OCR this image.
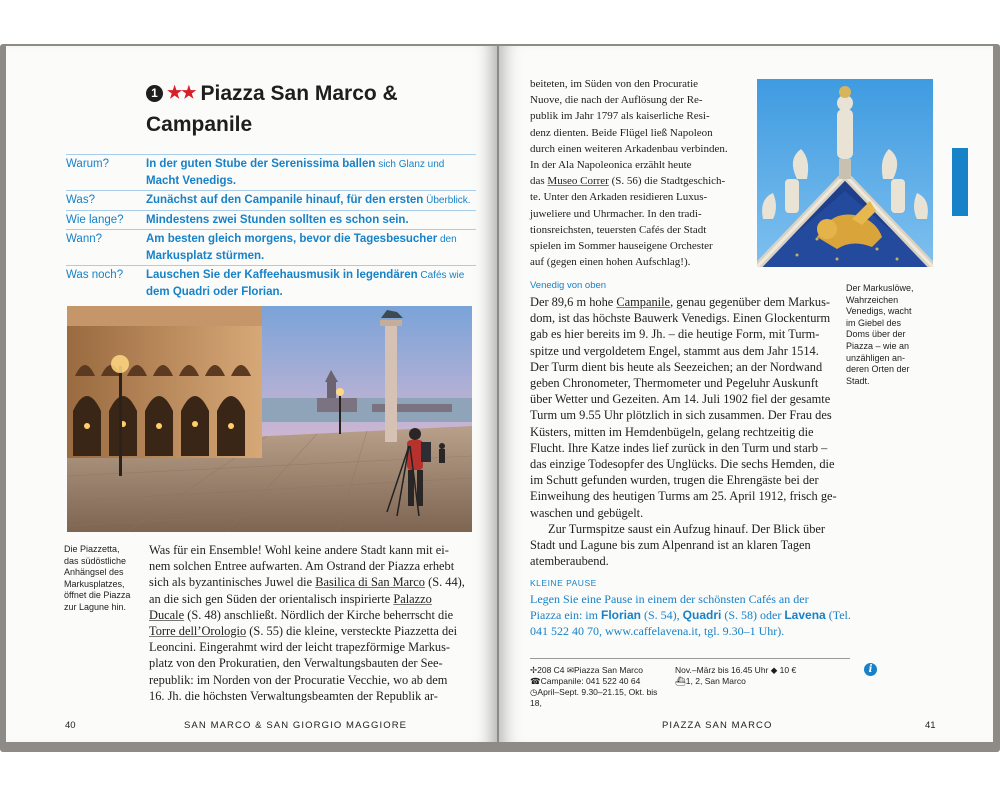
1 ★★ Piazza San Marco &
Campanile
Warum?	In der guten Stube der Serenissima ballen sich Glanz und
Macht Venedigs.
Was?	Zunächst auf den Campanile hinauf, für den ersten Überblick.
Wie lange?	Mindestens zwei Stunden sollten es schon sein.
Wann?	Am besten gleich morgens, bevor die Tagesbesucher den
Markusplatz stürmen.
Was noch?	Lauschen Sie der Kaffeehausmusik in legendären Cafés wie
dem Quadri oder Florian.
Die Piazzetta, das südöstliche Anhängsel des Markusplatzes, öffnet die Piazza zur Lagune hin.

Was für ein Ensemble! Wohl keine andere Stadt kann mit ei-

nem solchen Entree aufwarten. Am Ostrand der Piazza erhebt

sich als byzantinisches Juwel die Basilica di San Marco (S. 44),

an die sich gen Süden der orientalisch inspirierte Palazzo

Ducale (S. 48) anschließt. Nördlich der Kirche beherrscht die

Torre dell’Orologio (S. 55) die kleine, versteckte Piazzetta dei

Leoncini. Eingerahmt wird der leicht trapezförmige Markus-

platz von den Prokuratien, den Verwaltungsbauten der See-

republik: im Norden von der Procuratie Vecchie, wo ab dem

16. Jh. die höchsten Verwaltungsbeamten der Republik ar-

40	SAN MARCO & SAN GIORGIO MAGGIORE

beiteten, im Süden von den Procuratie

Nuove, die nach der Auflösung der Re-

publik im Jahr 1797 als kaiserliche Resi-

denz dienten. Beide Flügel ließ Napoleon

durch einen weiteren Arkadenbau verbinden.

In der Ala Napoleonica erzählt heute

das Museo Correr (S. 56) die Stadtgeschich-

te. Unter den Arkaden residieren Luxus-

juweliere und Uhrmacher. In den tradi-

tionsreichsten, teuersten Cafés der Stadt

spielen im Sommer hauseigene Orchester

auf (gegen einen hohen Aufschlag!).

Der Markuslöwe,
Wahrzeichen
Venedigs, wacht
im Giebel des
Doms über der
Piazza – wie an
unzähligen an-
deren Orten der
Stadt.
Venedig von oben

Der 89,6 m hohe Campanile, genau gegenüber dem Markus-

dom, ist das höchste Bauwerk Venedigs. Einen Glockenturm

gab es hier bereits im 9. Jh. – die heutige Form, mit Turm-

spitze und vergoldetem Engel, stammt aus dem Jahr 1514.

Der Turm dient bis heute als Seezeichen; an der Nordwand

geben Chronometer, Thermometer und Pegeluhr Auskunft

über Wetter und Gezeiten. Am 14. Juli 1902 fiel der gesamte

Turm um 9.55 Uhr plötzlich in sich zusammen. Der Frau des

Küsters, mitten im Hemdenbügeln, gelang rechtzeitig die

Flucht. Ihre Katze indes lief zurück in den Turm und starb –

das einzige Todesopfer des Unglücks. Die sechs Hemden, die

im Schutt gefunden wurden, trugen die Ehrengäste bei der

Einweihung des heutigen Turms am 25. April 1912, frisch ge-

waschen und gebügelt.

Zur Turmspitze saust ein Aufzug hinauf. Der Blick über

Stadt und Lagune bis zum Alpenrand ist an klaren Tagen

atemberaubend.

KLEINE PAUSE

Legen Sie eine Pause in einem der schönsten Cafés an der

Piazza ein: im Florian (S. 54), Quadri (S. 58) oder Lavena (Tel.

041 522 40 70, www.caffelavena.it, tgl. 9.30–1 Uhr).

✢208 C4 ✉Piazza San Marco
☎Campanile: 041 522 40 64
◷April–Sept. 9.30–21.15, Okt. bis 18,
Nov.–März bis 16.45 Uhr ◆ 10 €
⛴1, 2, San Marco
i
PIAZZA SAN MARCO	41
